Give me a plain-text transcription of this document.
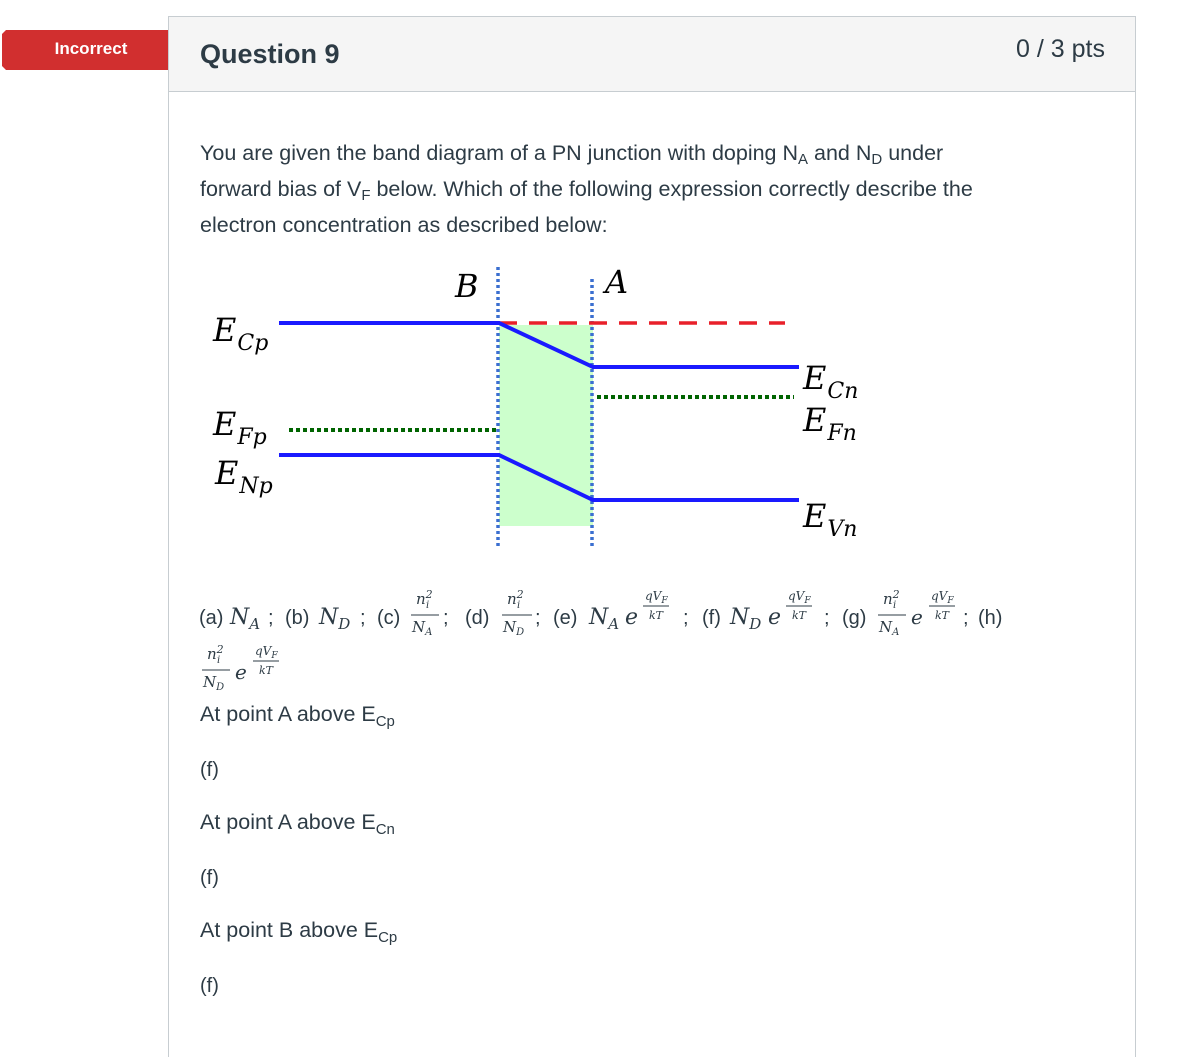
Incorrect	Question 9	0 / 3 pts
You are given the band diagram of a PN junction with doping $N_A$ and $N_D$ under
forward bias of $V_F$ below. Which of the following expression correctly describe the
electron concentration as described below:
B	A
$E_{Cp}$
$E_{Fp}$
$E_{Np}$
$E_{Cn}$
$E_{Fn}$
$E_{Vn}$
(a) $N_A$ ; (b) $N_D$ ; (c)
$n^2$
i
$N_A$
; (d)
$n^2$
i
$N_D$
; (e) $N_A$ e
$qV_F$
kT ; (f) $N_D$ e
$qV_F$
kT ; (g)
$n^2$
i
$N_A$
e
$qV_F$
kT ; (h)
$n^2$
i
$N_D$
e
$qV_F$
kT
At point A above $E_{Cp}$
(f)
At point A above $E_{Cn}$
(f)
At point B above $E_{Cp}$
(f)
